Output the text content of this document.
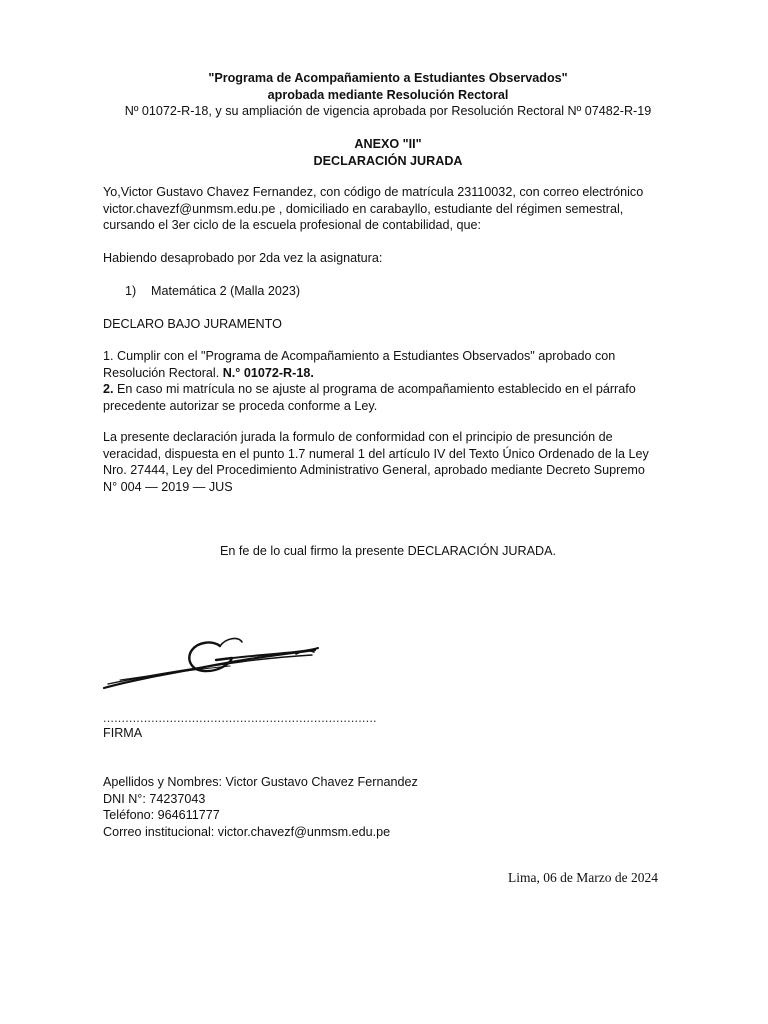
"Programa de Acompañamiento a Estudiantes Observados"
aprobada mediante Resolución Rectoral
Nº 01072-R-18, y su ampliación de vigencia aprobada por Resolución Rectoral Nº 07482-R-19
ANEXO "II"
DECLARACIÓN JURADA

Yo,Victor Gustavo Chavez Fernandez, con código de matrícula 23110032, con correo electrónico

victor.chavezf@unmsm.edu.pe , domiciliado en carabayllo, estudiante del régimen semestral,

cursando el 3er ciclo de la escuela profesional de contabilidad, que:

Habiendo desaprobado por 2da vez la asignatura:
1) Matemática 2 (Malla 2023)
DECLARO BAJO JURAMENTO

1. Cumplir con el "Programa de Acompañamiento a Estudiantes Observados" aprobado con

Resolución Rectoral. N.° 01072-R-18.

2. En caso mi matrícula no se ajuste al programa de acompañamiento establecido en el párrafo

precedente autorizar se proceda conforme a Ley.

La presente declaración jurada la formulo de conformidad con el principio de presunción de

veracidad, dispuesta en el punto 1.7 numeral 1 del artículo IV del Texto Único Ordenado de la Ley

Nro. 27444, Ley del Procedimiento Administrativo General, aprobado mediante Decreto Supremo

N° 004 — 2019 — JUS

En fe de lo cual firmo la presente DECLARACIÓN JURADA.
..........................................................................
FIRMA

Apellidos y Nombres: Victor Gustavo Chavez Fernandez

DNI N°: 74237043

Teléfono: 964611777

Correo institucional: victor.chavezf@unmsm.edu.pe

Lima, 06 de Marzo de 2024
